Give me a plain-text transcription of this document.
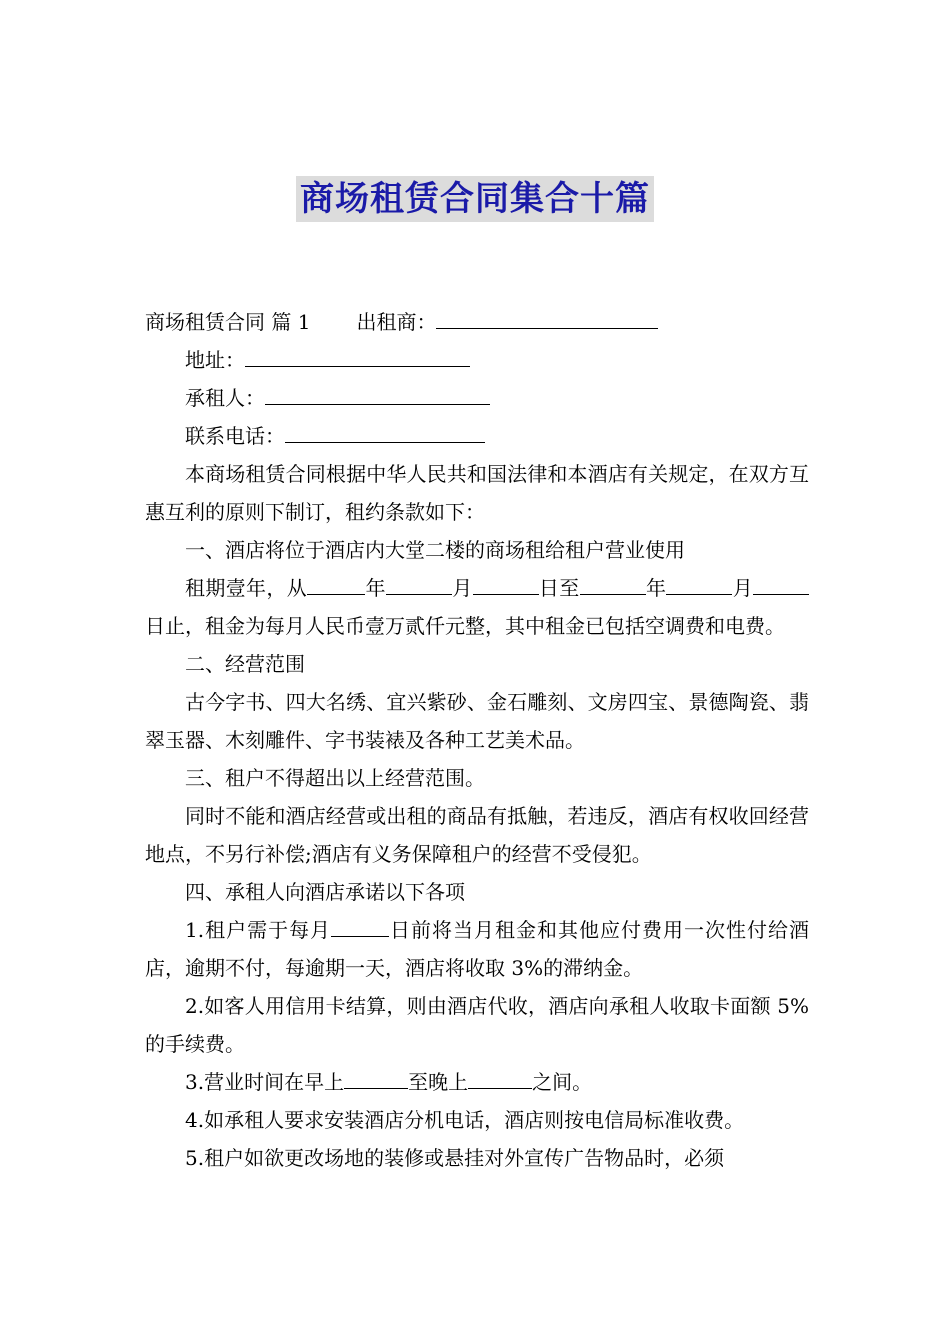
商场租赁合同集合十篇

商场租赁合同 篇 1 出租商：

地址：

承租人：

联系电话：

本商场租赁合同根据中华人民共和国法律和本酒店有关规定，在双方互惠互利的原则下制订，租约条款如下：

一、酒店将位于酒店内大堂二楼的商场租给租户营业使用

租期壹年，从	年	月	日至	年	月日止，租金为每月人民币壹万贰仟元整，其中租金已包括空调费和电费。

二、经营范围

古今字书、四大名绣、宜兴紫砂、金石雕刻、文房四宝、景德陶瓷、翡翠玉器、木刻雕件、字书装裱及各种工艺美术品。

三、租户不得超出以上经营范围。

同时不能和酒店经营或出租的商品有抵触，若违反，酒店有权收回经营地点，不另行补偿;酒店有义务保障租户的经营不受侵犯。

四、承租人向酒店承诺以下各项

1.租户需于每月	日前将当月租金和其他应付费用一次性付给酒店，逾期不付，每逾期一天，酒店将收取 3%的滞纳金。

2.如客人用信用卡结算，则由酒店代收，酒店向承租人收取卡面额 5%的手续费。

3.营业时间在早上	至晚上	之间。

4.如承租人要求安装酒店分机电话，酒店则按电信局标准收费。

5.租户如欲更改场地的装修或悬挂对外宣传广告物品时，必须
